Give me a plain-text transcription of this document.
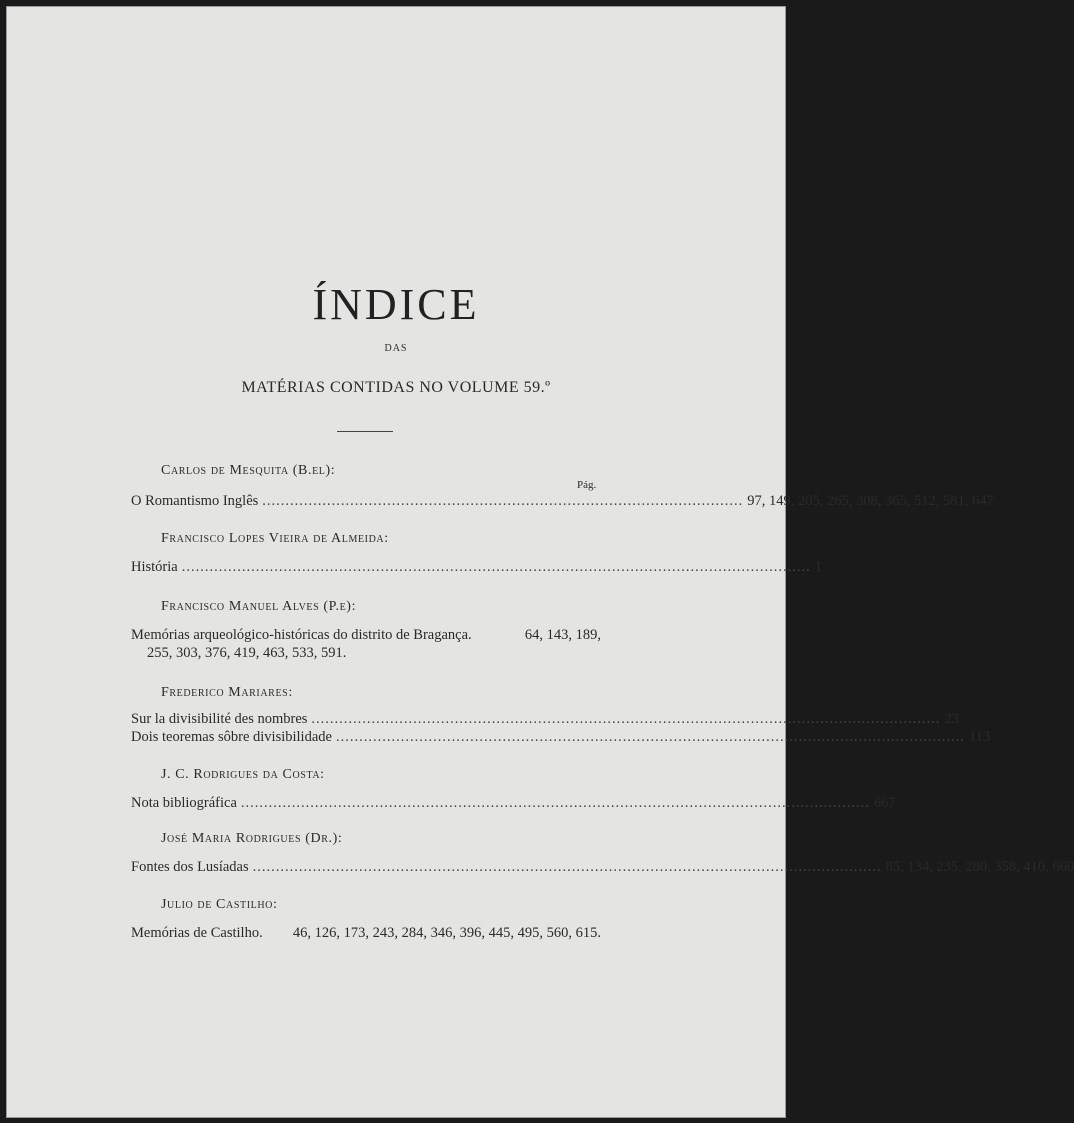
ÍNDICE
DAS
MATÉRIAS CONTIDAS NO VOLUME 59.º
Carlos de Mesquita (B.el):
Pág.
O Romantismo Inglês ........................................................................................................ 97, 149, 205, 265, 308, 365, 512, 581, 647
Francisco Lopes Vieira de Almeida:
História ........................................................................................................................................ 1
Francisco Manuel Alves (P.e):
Memórias arqueológico-históricas do distrito de Bragança.	64, 143, 189,
255, 303, 376, 419, 463, 533, 591.
Frederico Mariares:
Sur la divisibilité des nombres ........................................................................................................................................ 23
Dois teoremas sôbre divisibilidade ........................................................................................................................................ 113
J. C. Rodrigues da Costa:
Nota bibliográfica ........................................................................................................................................ 667
José Maria Rodrigues (Dr.):
Fontes dos Lusíadas ........................................................................................................................................ 85, 134, 235, 280, 358, 410, 660
Julio de Castilho:
Memórias de Castilho. 46, 126, 173, 243, 284, 346, 396, 445, 495, 560, 615.
